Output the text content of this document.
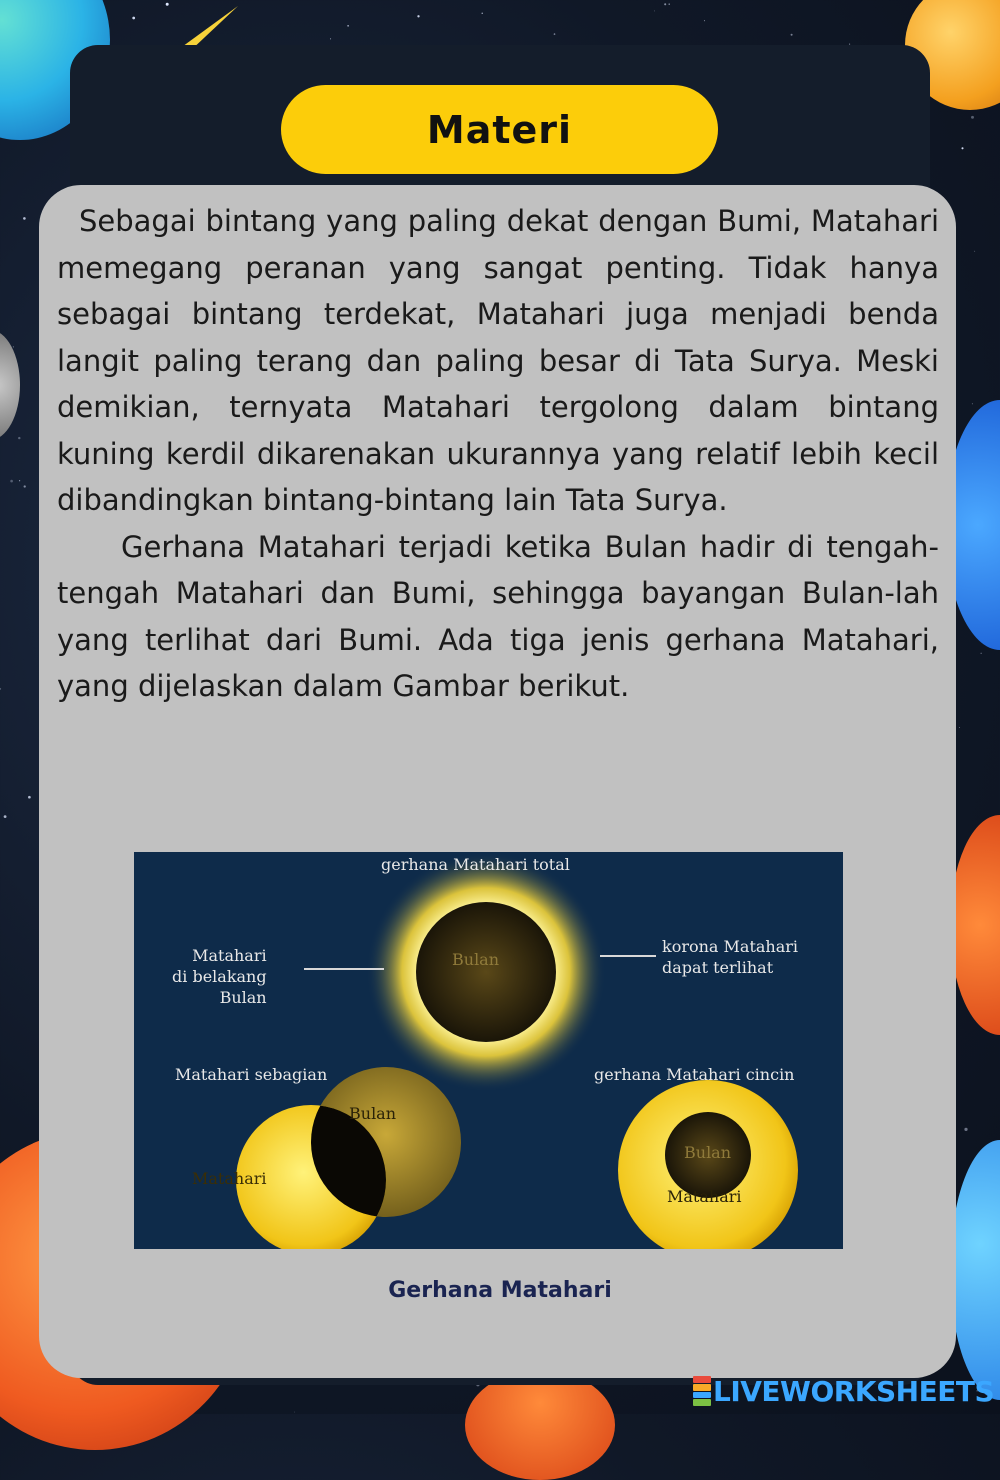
Materi

Sebagai bintang yang paling dekat dengan Bumi, Matahari memegang peranan yang sangat penting. Tidak hanya sebagai bintang terdekat, Matahari juga menjadi benda langit paling terang dan paling besar di Tata Surya. Meski demikian, ternyata Matahari tergolong dalam bintang kuning kerdil dikarenakan ukurannya yang relatif lebih kecil dibandingkan bintang-bintang lain Tata Surya.

Gerhana Matahari terjadi ketika Bulan hadir di tengah-tengah Matahari dan Bumi, sehingga bayangan Bulan-lah yang terlihat dari Bumi. Ada tiga jenis gerhana Matahari, yang dijelaskan dalam Gambar berikut.

gerhana Matahari total
Matahari
di belakang
Bulan
korona Matahari
dapat terlihat
Bulan
Matahari sebagian
Bulan
Matahari
gerhana Matahari cincin
Bulan
Matahari
Gerhana Matahari
LIVEWORKSHEETS
